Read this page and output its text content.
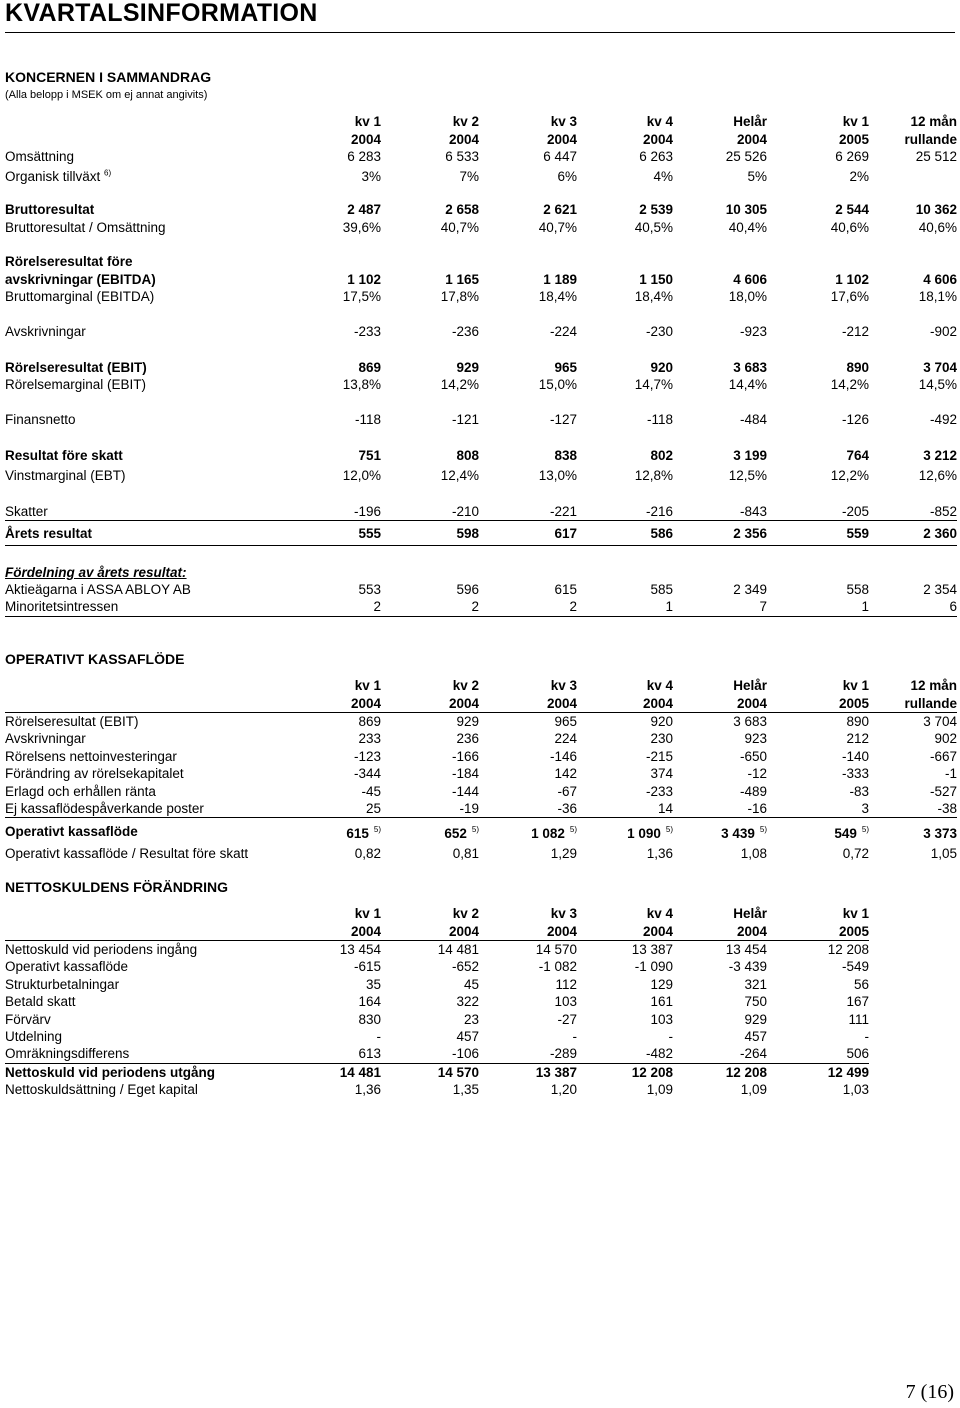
KVARTALSINFORMATION
KONCERNEN I SAMMANDRAG
(Alla belopp i MSEK om ej annat angivits)
	kv 1	kv 2	kv 3	kv 4	Helår	kv 1	12 mån
	2004	2004	2004	2004	2004	2005	rullande
Omsättning	6 283	6 533	6 447	6 263	25 526	6 269	25 512
Organisk tillväxt $^{6)}$	3%	7%	6%	4%	5%	2%	

Bruttoresultat	2 487	2 658	2 621	2 539	10 305	2 544	10 362
Bruttoresultat / Omsättning	39,6%	40,7%	40,7%	40,5%	40,4%	40,6%	40,6%

Rörelseresultat före							
avskrivningar (EBITDA)	1 102	1 165	1 189	1 150	4 606	1 102	4 606
Bruttomarginal (EBITDA)	17,5%	17,8%	18,4%	18,4%	18,0%	17,6%	18,1%

Avskrivningar	-233	-236	-224	-230	-923	-212	-902

Rörelseresultat (EBIT)	869	929	965	920	3 683	890	3 704
Rörelsemarginal (EBIT)	13,8%	14,2%	15,0%	14,7%	14,4%	14,2%	14,5%

Finansnetto	-118	-121	-127	-118	-484	-126	-492

Resultat före skatt	751	808	838	802	3 199	764	3 212
Vinstmarginal (EBT)	12,0%	12,4%	13,0%	12,8%	12,5%	12,2%	12,6%

Skatter	-196	-210	-221	-216	-843	-205	-852
Årets resultat	555	598	617	586	2 356	559	2 360

Fördelning av årets resultat:							
Aktieägarna i ASSA ABLOY AB	553	596	615	585	2 349	558	2 354
Minoritetsintressen	2	2	2	1	7	1	6
OPERATIVT KASSAFLÖDE
	kv 1	kv 2	kv 3	kv 4	Helår	kv 1	12 mån
	2004	2004	2004	2004	2004	2005	rullande
Rörelseresultat (EBIT)	869	929	965	920	3 683	890	3 704
Avskrivningar	233	236	224	230	923	212	902
Rörelsens nettoinvesteringar	-123	-166	-146	-215	-650	-140	-667
Förändring av rörelsekapitalet	-344	-184	142	374	-12	-333	-1
Erlagd och erhållen ränta	-45	-144	-67	-233	-489	-83	-527
Ej kassaflödespåverkande poster	25	-19	-36	14	-16	3	-38
Operativt kassaflöde	615 $^{5)}$	652 $^{5)}$	1 082 $^{5)}$	1 090 $^{5)}$	3 439 $^{5)}$	549 $^{5)}$	3 373

Operativt kassaflöde / Resultat före skatt	0,82	0,81	1,29	1,36	1,08	0,72	1,05
NETTOSKULDENS FÖRÄNDRING
	kv 1	kv 2	kv 3	kv 4	Helår	kv 1
	2004	2004	2004	2004	2004	2005
Nettoskuld vid periodens ingång	13 454	14 481	14 570	13 387	13 454	12 208
Operativt kassaflöde	-615	-652	-1 082	-1 090	-3 439	-549
Strukturbetalningar	35	45	112	129	321	56
Betald skatt	164	322	103	161	750	167
Förvärv	830	23	-27	103	929	111
Utdelning	-	457	-	-	457	-
Omräkningsdifferens	613	-106	-289	-482	-264	506
Nettoskuld vid periodens utgång	14 481	14 570	13 387	12 208	12 208	12 499
Nettoskuldsättning / Eget kapital	1,36	1,35	1,20	1,09	1,09	1,03
7 (16)
